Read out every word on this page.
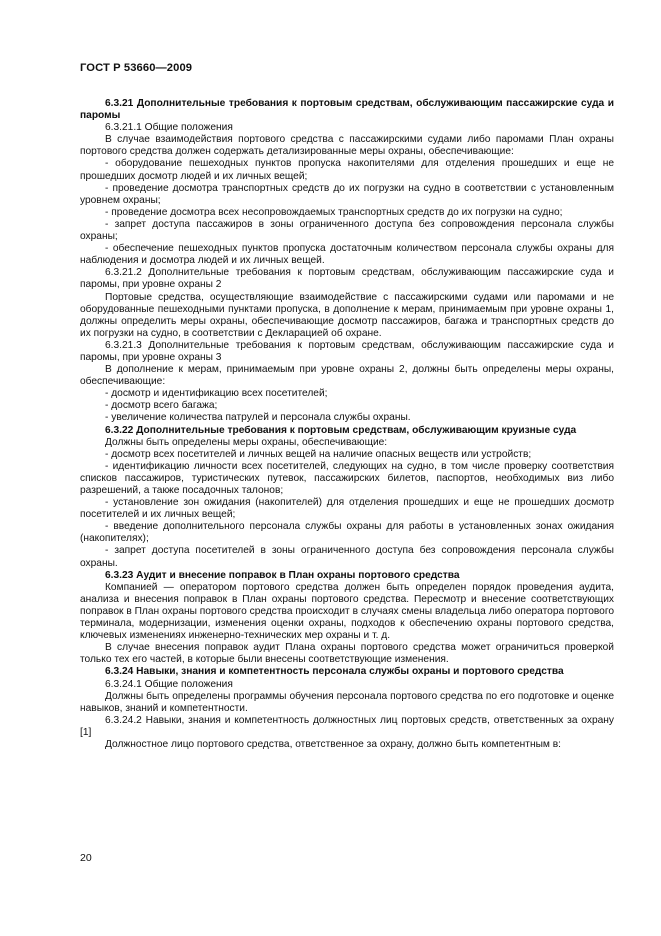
ГОСТ Р 53660—2009

6.3.21 Дополнительные требования к портовым средствам, обслуживающим пассажирские суда и паромы

6.3.21.1 Общие положения

В случае взаимодействия портового средства с пассажирскими судами либо паромами План охраны портового средства должен содержать детализированные меры охраны, обеспечивающие:

- оборудование пешеходных пунктов пропуска накопителями для отделения прошедших и еще не прошедших досмотр людей и их личных вещей;

- проведение досмотра транспортных средств до их погрузки на судно в соответствии с установленным уровнем охраны;

- проведение досмотра всех несопровождаемых транспортных средств до их погрузки на судно;

- запрет доступа пассажиров в зоны ограниченного доступа без сопровождения персонала службы охраны;

- обеспечение пешеходных пунктов пропуска достаточным количеством персонала службы охраны для наблюдения и досмотра людей и их личных вещей.

6.3.21.2 Дополнительные требования к портовым средствам, обслуживающим пассажирские суда и паромы, при уровне охраны 2

Портовые средства, осуществляющие взаимодействие с пассажирскими судами или паромами и не оборудованные пешеходными пунктами пропуска, в дополнение к мерам, принимаемым при уровне охраны 1, должны определить меры охраны, обеспечивающие досмотр пассажиров, багажа и транспортных средств до их погрузки на судно, в соответствии с Декларацией об охране.

6.3.21.3 Дополнительные требования к портовым средствам, обслуживающим пассажирские суда и паромы, при уровне охраны 3

В дополнение к мерам, принимаемым при уровне охраны 2, должны быть определены меры охраны, обеспечивающие:

- досмотр и идентификацию всех посетителей;

- досмотр всего багажа;

- увеличение количества патрулей и персонала службы охраны.

6.3.22 Дополнительные требования к портовым средствам, обслуживающим круизные суда

Должны быть определены меры охраны, обеспечивающие:

- досмотр всех посетителей и личных вещей на наличие опасных веществ или устройств;

- идентификацию личности всех посетителей, следующих на судно, в том числе проверку соответствия списков пассажиров, туристических путевок, пассажирских билетов, паспортов, необходимых виз либо разрешений, а также посадочных талонов;

- установление зон ожидания (накопителей) для отделения прошедших и еще не прошедших досмотр посетителей и их личных вещей;

- введение дополнительного персонала службы охраны для работы в установленных зонах ожидания (накопителях);

- запрет доступа посетителей в зоны ограниченного доступа без сопровождения персонала службы охраны.

6.3.23 Аудит и внесение поправок в План охраны портового средства

Компанией — оператором портового средства должен быть определен порядок проведения аудита, анализа и внесения поправок в План охраны портового средства. Пересмотр и внесение соответствующих поправок в План охраны портового средства происходит в случаях смены владельца либо оператора портового терминала, модернизации, изменения оценки охраны, подходов к обеспечению охраны портового средства, ключевых изменениях инженерно-технических мер охраны и т. д.

В случае внесения поправок аудит Плана охраны портового средства может ограничиться проверкой только тех его частей, в которые были внесены соответствующие изменения.

6.3.24 Навыки, знания и компетентность персонала службы охраны и портового средства

6.3.24.1 Общие положения

Должны быть определены программы обучения персонала портового средства по его подготовке и оценке навыков, знаний и компетентности.

6.3.24.2 Навыки, знания и компетентность должностных лиц портовых средств, ответственных за охрану [1]

Должностное лицо портового средства, ответственное за охрану, должно быть компетентным в:

20
